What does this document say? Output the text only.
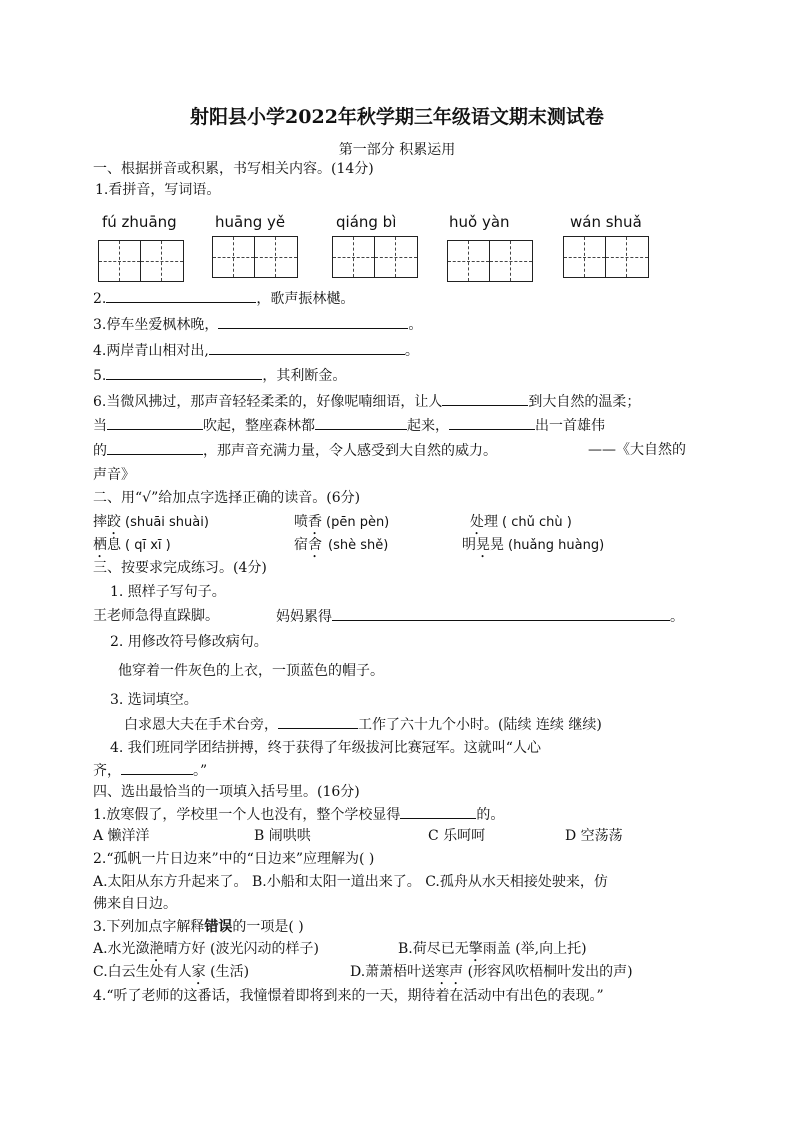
射阳县小学2022年秋学期三年级语文期末测试卷
第一部分 积累运用
一、根据拼音或积累，书写相关内容。(14分)
1.看拼音，写词语。
fú zhuāng	huāng yě	qiáng bì	huǒ yàn	wán shuǎ
2.	，歌声振林樾。
3.停车坐爱枫林晚，	。
4.两岸青山相对出,	。
5.	，其利断金。
6.当微风拂过，那声音轻轻柔柔的，好像呢喃细语，让人	到大自然的温柔；
当	吹起，整座森林都	起来，	出一首雄伟
的	，那声音充满力量，令人感受到大自然的威力。	——《大自然的
声音》
二、用“√”给加点字选择正确的读音。(6分)
摔跤 (shuāi shuài)	喷香 (pēn pèn)	处理 ( chǔ chù )
栖息 ( qī xī )	宿舍 (shè shě)	明晃晃 (huǎng huàng)
三、按要求完成练习。(4分)
1. 照样子写句子。
王老师急得直跺脚。	妈妈累得	。
2. 用修改符号修改病句。
他穿着一件灰色的上衣，一顶蓝色的帽子。
3. 选词填空。
白求恩大夫在手术台旁，	工作了六十九个小时。(陆续 连续 继续)
4. 我们班同学团结拼搏，终于获得了年级拔河比赛冠军。这就叫“人心
齐，	。”
四、选出最恰当的一项填入括号里。(16分)
1.放寒假了，学校里一个人也没有，整个学校显得	的。
A 懒洋洋	B 闹哄哄	C 乐呵呵	D 空荡荡
2.“孤帆一片日边来”中的“日边来”应理解为( )
A.太阳从东方升起来了。 B.小船和太阳一道出来了。 C.孤舟从水天相接处驶来，仿
佛来自日边。
3.下列加点字解释错误的一项是( )
A.水光潋滟晴方好 (波光闪动的样子)	B.荷尽已无擎雨盖 (举,向上托)
C.白云生处有人家 (生活)	D.萧萧梧叶送寒声 (形容风吹梧桐叶发出的声)
4.“听了老师的这番话，我憧憬着即将到来的一天，期待着在活动中有出色的表现。”
